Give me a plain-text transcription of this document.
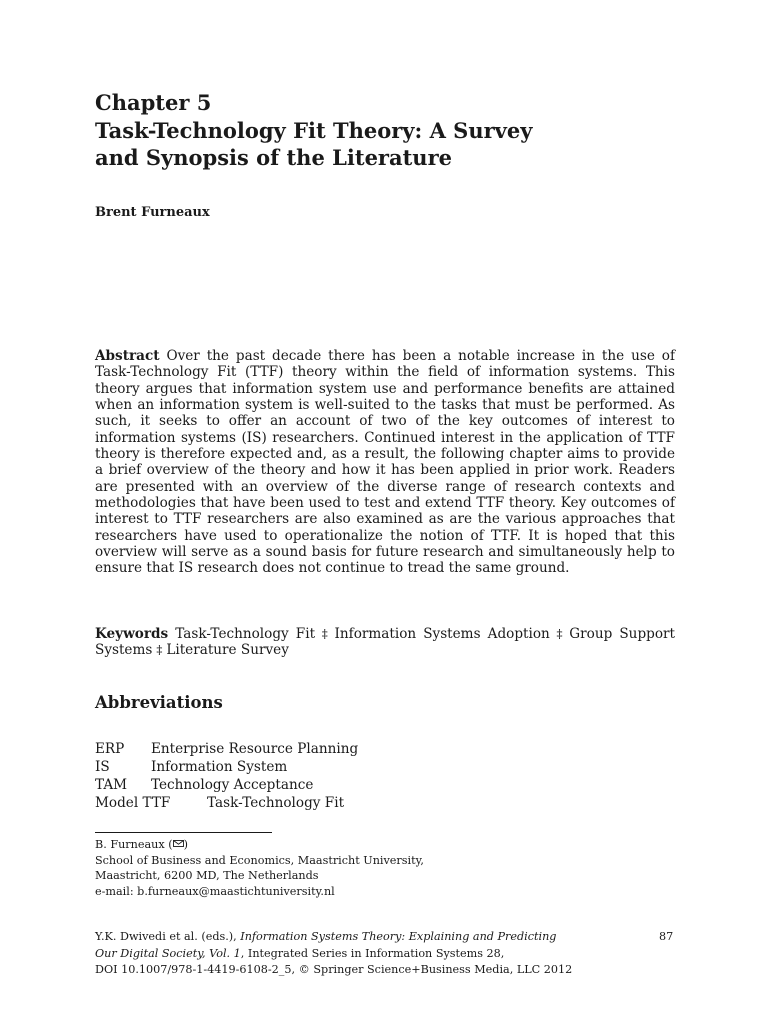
Chapter 5
Task-Technology Fit Theory: A Survey
and Synopsis of the Literature
Brent Furneaux
Abstract Over the past decade there has been a notable increase in the use of Task-Technology Fit (TTF) theory within the field of information systems. This theory argues that information system use and performance benefits are attained when an information system is well-suited to the tasks that must be performed. As such, it seeks to offer an account of two of the key outcomes of interest to information systems (IS) researchers. Continued interest in the application of TTF theory is therefore expected and, as a result, the following chapter aims to provide a brief overview of the theory and how it has been applied in prior work. Readers are presented with an overview of the diverse range of research contexts and methodologies that have been used to test and extend TTF theory. Key outcomes of interest to TTF researchers are also examined as are the various approaches that researchers have used to operationalize the notion of TTF. It is hoped that this overview will serve as a sound basis for future research and simultaneously help to ensure that IS research does not continue to tread the same ground.
Keywords Task-Technology Fit ‡ Information Systems Adoption ‡ Group Support Systems ‡ Literature Survey
Abbreviations
ERP Enterprise Resource Planning
IS	Information System
TAM Technology Acceptance
Model TTF	Task-Technology Fit
B. Furneaux ( )
School of Business and Economics, Maastricht University,
Maastricht, 6200 MD, The Netherlands
e-mail: b.furneaux@maastichtuniversity.nl
Y.K. Dwivedi et al. (eds.), Information Systems Theory: Explaining and Predicting
Our Digital Society, Vol. 1, Integrated Series in Information Systems 28,
DOI 10.1007/978-1-4419-6108-2_5, © Springer Science+Business Media, LLC 2012
87
